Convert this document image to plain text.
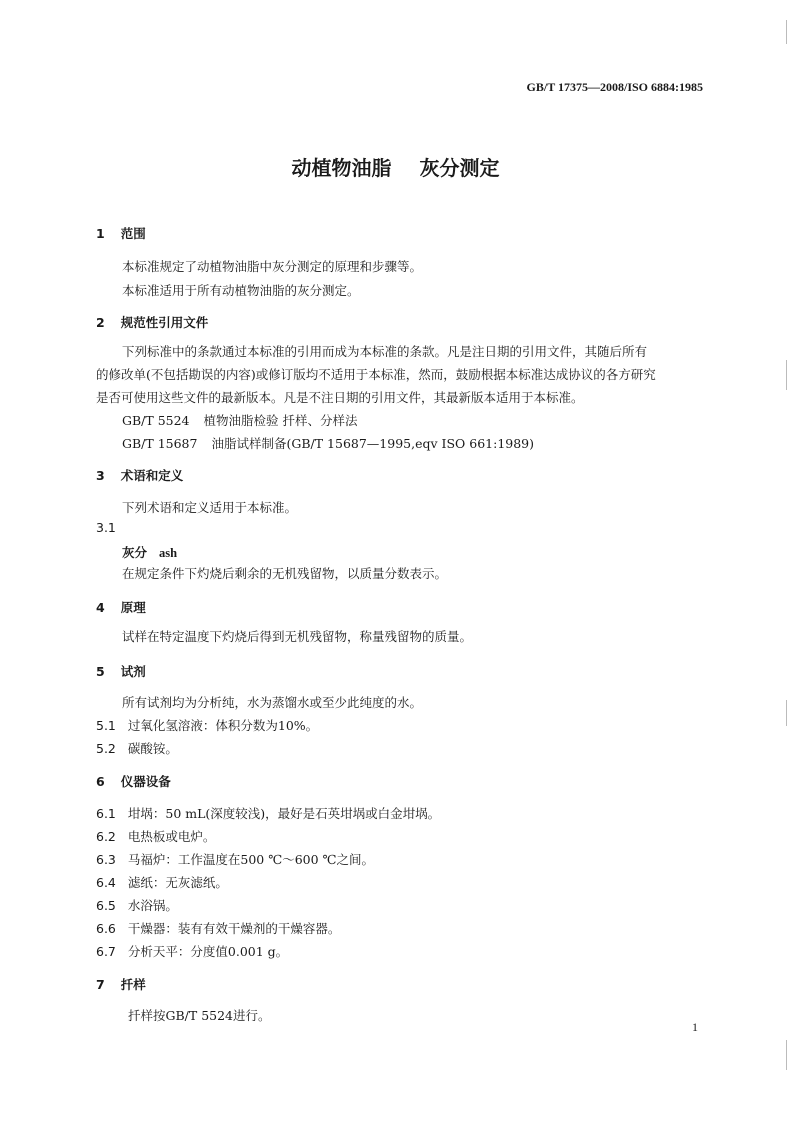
GB/T 17375—2008/ISO 6884:1985
动植物油脂 灰分测定
1 范围
本标准规定了动植物油脂中灰分测定的原理和步骤等。
本标准适用于所有动植物油脂的灰分测定。
2 规范性引用文件
下列标准中的条款通过本标准的引用而成为本标准的条款。凡是注日期的引用文件，其随后所有
的修改单(不包括勘误的内容)或修订版均不适用于本标准，然而，鼓励根据本标准达成协议的各方研究
是否可使用这些文件的最新版本。凡是不注日期的引用文件，其最新版本适用于本标准。
GB/T 5524 植物油脂检验 扦样、分样法
GB/T 15687 油脂试样制备(GB/T 15687—1995,eqv ISO 661:1989)
3 术语和定义
下列术语和定义适用于本标准。
3.1
灰分 ash
在规定条件下灼烧后剩余的无机残留物，以质量分数表示。
4 原理
试样在特定温度下灼烧后得到无机残留物，称量残留物的质量。
5 试剂
所有试剂均为分析纯，水为蒸馏水或至少此纯度的水。
5.1 过氧化氢溶液：体积分数为10%。
5.2 碳酸铵。
6 仪器设备
6.1 坩埚：50 mL(深度较浅)，最好是石英坩埚或白金坩埚。
6.2 电热板或电炉。
6.3 马福炉：工作温度在500 ℃～600 ℃之间。
6.4 滤纸：无灰滤纸。
6.5 水浴锅。
6.6 干燥器：装有有效干燥剂的干燥容器。
6.7 分析天平：分度值0.001 g。
7 扦样
扦样按GB/T 5524进行。
1
